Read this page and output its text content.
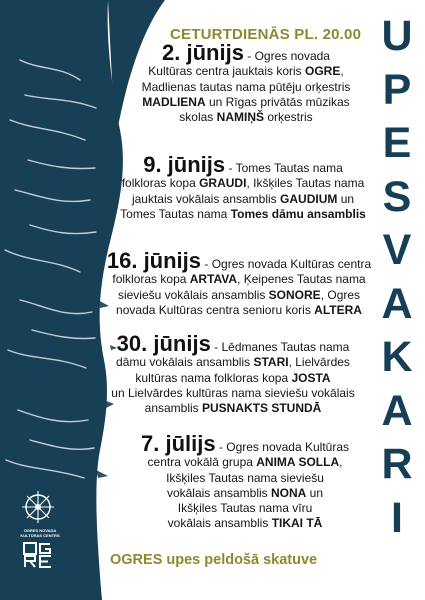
CETURTDIENĀS PL. 20.00 U
P
E
S
V
A
K
A
R
I
2. jūnijs - Ogres novada
Kultūras centra jauktais koris OGRE,
Madlienas tautas nama pūtēju orķestris
MADLIENA un Rīgas privātās mūzikas
skolas NAMIŅŠ orķestris
9. jūnijs - Tomes Tautas nama
folkloras kopa GRAUDI, Ikšķiles Tautas nama
jauktais vokālais ansamblis GAUDIUM un
Tomes Tautas nama Tomes dāmu ansamblis
16. jūnijs - Ogres novada Kultūras centra
folkloras kopa ARTAVA, Ķeipenes Tautas nama
sieviešu vokālais ansamblis SONORE, Ogres
novada Kultūras centra senioru koris ALTERA
30. jūnijs - Lēdmanes Tautas nama
dāmu vokālais ansamblis STARI, Lielvārdes
kultūras nama folkloras kopa JOSTA
un Lielvārdes kultūras nama sieviešu vokālais
ansamblis PUSNAKTS STUNDĀ
7. jūlijs - Ogres novada Kultūras
centra vokālā grupa ANIMA SOLLA,
Ikšķiles Tautas nama sieviešu
vokālais ansamblis NONA un
Ikšķiles Tautas nama vīru
vokālais ansamblis TIKAI TĀ
OGRES upes peldošā skatuve
OGRES NOVADA KULTŪRAS CENTRS
